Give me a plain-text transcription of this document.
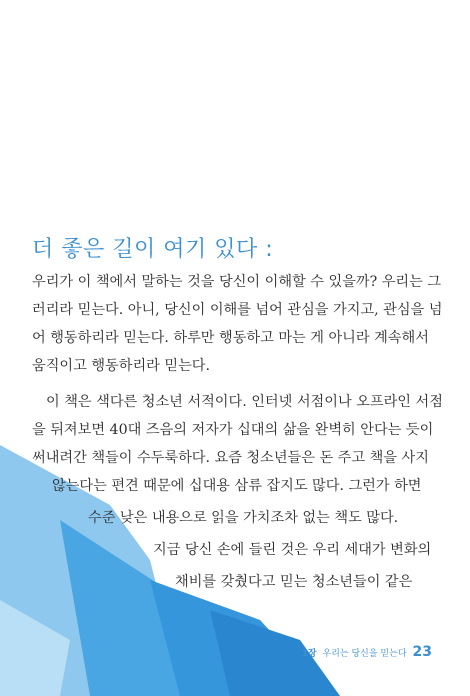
더 좋은 길이 여기 있다 :
우리가 이 책에서 말하는 것을 당신이 이해할 수 있을까? 우리는 그
러리라 믿는다. 아니, 당신이 이해를 넘어 관심을 가지고, 관심을 넘
어 행동하리라 믿는다. 하루만 행동하고 마는 게 아니라 계속해서
움직이고 행동하리라 믿는다.
이 책은 색다른 청소년 서적이다. 인터넷 서점이나 오프라인 서점
을 뒤져보면 40대 즈음의 저자가 십대의 삶을 완벽히 안다는 듯이
써내려간 책들이 수두룩하다. 요즘 청소년들은 돈 주고 책을 사지
않는다는 편견 때문에 십대용 삼류 잡지도 많다. 그런가 하면
수준 낮은 내용으로 읽을 가치조차 없는 책도 많다.
지금 당신 손에 들린 것은 우리 세대가 변화의
채비를 갖췄다고 믿는 청소년들이 같은
1장 우리는 당신을 믿는다 23
